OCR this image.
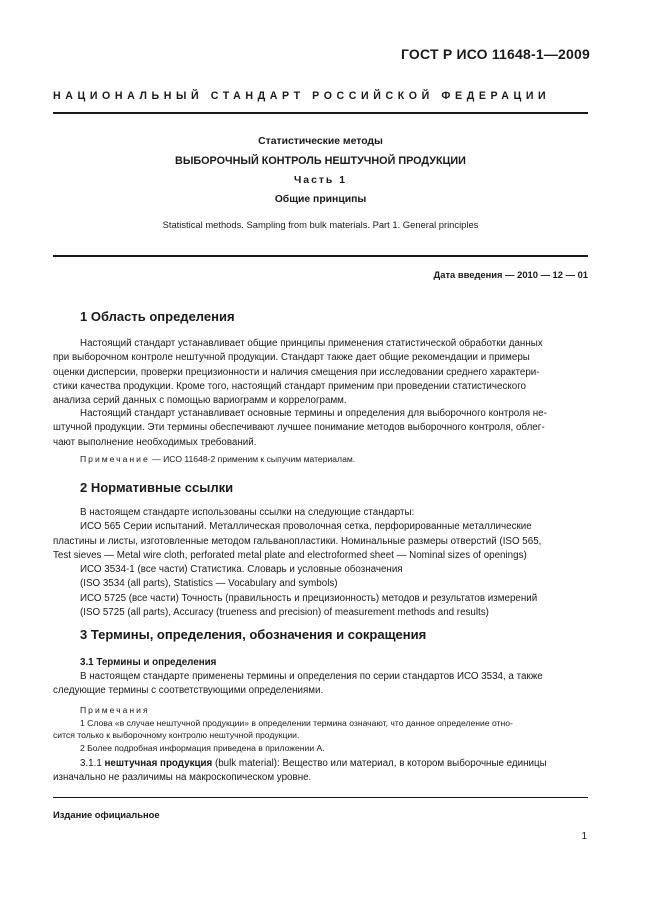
ГОСТ Р ИСО 11648-1—2009
НАЦИОНАЛЬНЫЙ СТАНДАРТ РОССИЙСКОЙ ФЕДЕРАЦИИ
Статистические методы
ВЫБОРОЧНЫЙ КОНТРОЛЬ НЕШТУЧНОЙ ПРОДУКЦИИ
Часть 1
Общие принципы
Statistical methods. Sampling from bulk materials. Part 1. General principles
Дата введения — 2010 — 12 — 01
1 Область определения
Настоящий стандарт устанавливает общие принципы применения статистической обработки данных
при выборочном контроле нештучной продукции. Стандарт также дает общие рекомендации и примеры
оценки дисперсии, проверки прецизионности и наличия смещения при исследовании среднего характери-
стики качества продукции. Кроме того, настоящий стандарт применим при проведении статистического
анализа серий данных с помощью вариограмм и коррелограмм.
Настоящий стандарт устанавливает основные термины и определения для выборочного контроля не-
штучной продукции. Эти термины обеспечивают лучшее понимание методов выборочного контроля, облег-
чают выполнение необходимых требований.
Примечание — ИСО 11648-2 применим к сыпучим материалам.
2 Нормативные ссылки
В настоящем стандарте использованы ссылки на следующие стандарты:
ИСО 565 Серии испытаний. Металлическая проволочная сетка, перфорированные металлические
пластины и листы, изготовленные методом гальванопластики. Номинальные размеры отверстий (ISO 565,
Test sieves — Metal wire cloth, perforated metal plate and electroformed sheet — Nominal sizes of openings)
ИСО 3534-1 (все части) Статистика. Словарь и условные обозначения
(ISO 3534 (all parts), Statistics — Vocabulary and symbols)
ИСО 5725 (все части) Точность (правильность и прецизионность) методов и результатов измерений
(ISO 5725 (all parts), Accuracy (trueness and precision) of measurement methods and results)
3 Термины, определения, обозначения и сокращения
3.1 Термины и определения
В настоящем стандарте применены термины и определения по серии стандартов ИСО 3534, а также
следующие термины с соответствующими определениями.
Примечания
1 Слова «в случае нештучной продукции» в определении термина означают, что данное определение отно-
сится только к выборочному контролю нештучной продукции.
2 Более подробная информация приведена в приложении А.
3.1.1 нештучная продукция (bulk material): Вещество или материал, в котором выборочные единицы
изначально не различимы на макроскопическом уровне.
Издание официальное
1
